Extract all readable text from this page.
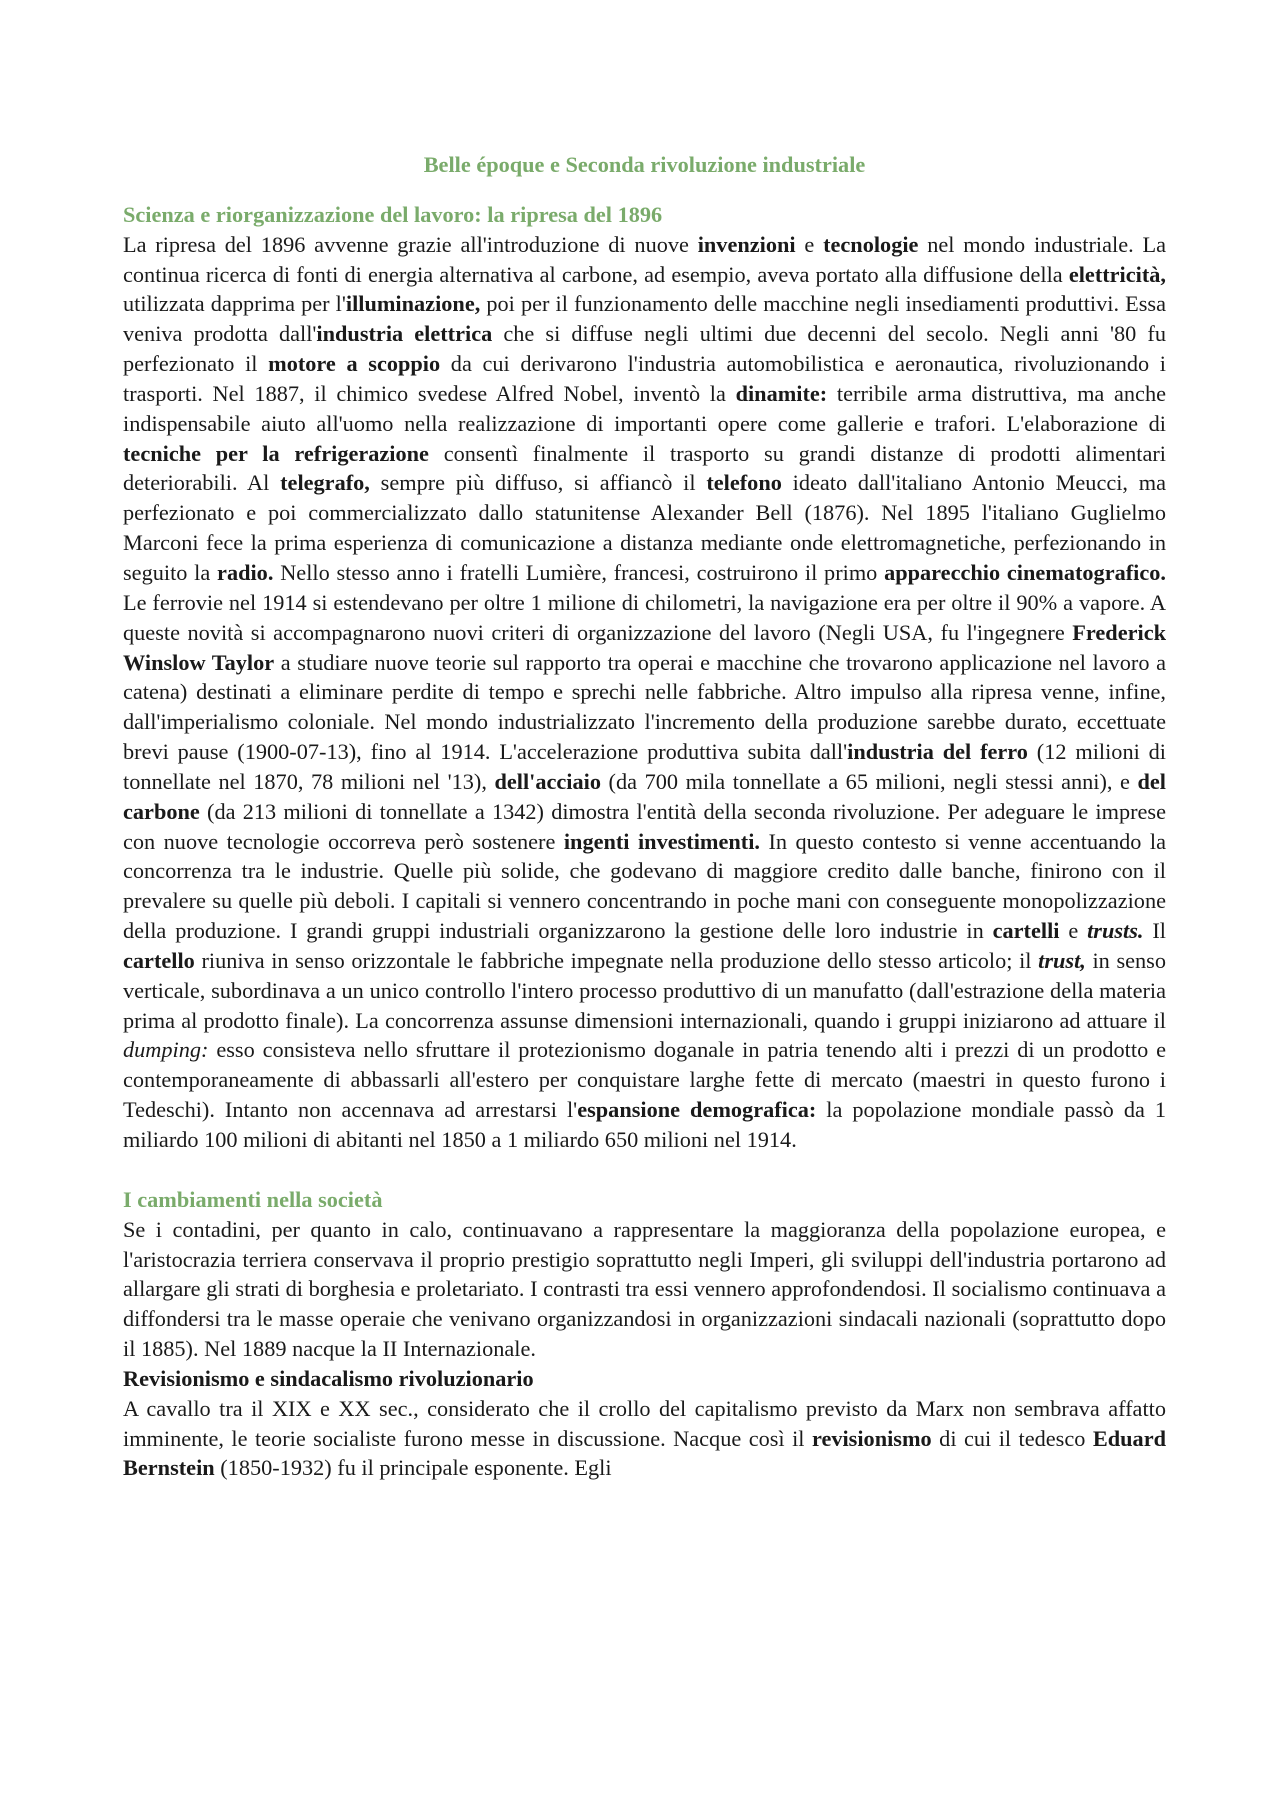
Belle époque e Seconda rivoluzione industriale

Scienza e riorganizzazione del lavoro: la ripresa del 1896

La ripresa del 1896 avvenne grazie all'introduzione di nuove invenzioni e tecnologie nel mondo industriale. La continua ricerca di fonti di energia alternativa al carbone, ad esempio, aveva portato alla diffusione della elettricità, utilizzata dapprima per l'illuminazione, poi per il funzionamento delle macchine negli insediamenti produttivi. Essa veniva prodotta dall'industria elettrica che si diffuse negli ultimi due decenni del secolo. Negli anni '80 fu perfezionato il motore a scoppio da cui derivarono l'industria automobilistica e aeronautica, rivoluzionando i trasporti. Nel 1887, il chimico svedese Alfred Nobel, inventò la dinamite: terribile arma distruttiva, ma anche indispensabile aiuto all'uomo nella realizzazione di importanti opere come gallerie e trafori. L'elaborazione di tecniche per la refrigerazione consentì finalmente il trasporto su grandi distanze di prodotti alimentari deteriorabili. Al telegrafo, sempre più diffuso, si affiancò il telefono ideato dall'italiano Antonio Meucci, ma perfezionato e poi commercializzato dallo statunitense Alexander Bell (1876). Nel 1895 l'italiano Guglielmo Marconi fece la prima esperienza di comunicazione a distanza mediante onde elettromagnetiche, perfezionando in seguito la radio. Nello stesso anno i fratelli Lumière, francesi, costruirono il primo apparecchio cinematografico. Le ferrovie nel 1914 si estendevano per oltre 1 milione di chilometri, la navigazione era per oltre il 90% a vapore. A queste novità si accompagnarono nuovi criteri di organizzazione del lavoro (Negli USA, fu l'ingegnere Frederick Winslow Taylor a studiare nuove teorie sul rapporto tra operai e macchine che trovarono applicazione nel lavoro a catena) destinati a eliminare perdite di tempo e sprechi nelle fabbriche. Altro impulso alla ripresa venne, infine, dall'imperialismo coloniale. Nel mondo industrializzato l'incremento della produzione sarebbe durato, eccettuate brevi pause (1900-07-13), fino al 1914. L'accelerazione produttiva subita dall'industria del ferro (12 milioni di tonnellate nel 1870, 78 milioni nel '13), dell'acciaio (da 700 mila tonnellate a 65 milioni, negli stessi anni), e del carbone (da 213 milioni di tonnellate a 1342) dimostra l'entità della seconda rivoluzione. Per adeguare le imprese con nuove tecnologie occorreva però sostenere ingenti investimenti. In questo contesto si venne accentuando la concorrenza tra le industrie. Quelle più solide, che godevano di maggiore credito dalle banche, finirono con il prevalere su quelle più deboli. I capitali si vennero concentrando in poche mani con conseguente monopolizzazione della produzione. I grandi gruppi industriali organizzarono la gestione delle loro industrie in cartelli e trusts. Il cartello riuniva in senso orizzontale le fabbriche impegnate nella produzione dello stesso articolo; il trust, in senso verticale, subordinava a un unico controllo l'intero processo produttivo di un manufatto (dall'estrazione della materia prima al prodotto finale). La concorrenza assunse dimensioni internazionali, quando i gruppi iniziarono ad attuare il dumping: esso consisteva nello sfruttare il protezionismo doganale in patria tenendo alti i prezzi di un prodotto e contemporaneamente di abbassarli all'estero per conquistare larghe fette di mercato (maestri in questo furono i Tedeschi). Intanto non accennava ad arrestarsi l'espansione demografica: la popolazione mondiale passò da 1 miliardo 100 milioni di abitanti nel 1850 a 1 miliardo 650 milioni nel 1914.

I cambiamenti nella società

Se i contadini, per quanto in calo, continuavano a rappresentare la maggioranza della popolazione europea, e l'aristocrazia terriera conservava il proprio prestigio soprattutto negli Imperi, gli sviluppi dell'industria portarono ad allargare gli strati di borghesia e proletariato. I contrasti tra essi vennero approfondendosi. Il socialismo continuava a diffondersi tra le masse operaie che venivano organizzandosi in organizzazioni sindacali nazionali (soprattutto dopo il 1885). Nel 1889 nacque la II Internazionale.

Revisionismo e sindacalismo rivoluzionario

A cavallo tra il XIX e XX sec., considerato che il crollo del capitalismo previsto da Marx non sembrava affatto imminente, le teorie socialiste furono messe in discussione. Nacque così il revisionismo di cui il tedesco Eduard Bernstein (1850-1932) fu il principale esponente. Egli
